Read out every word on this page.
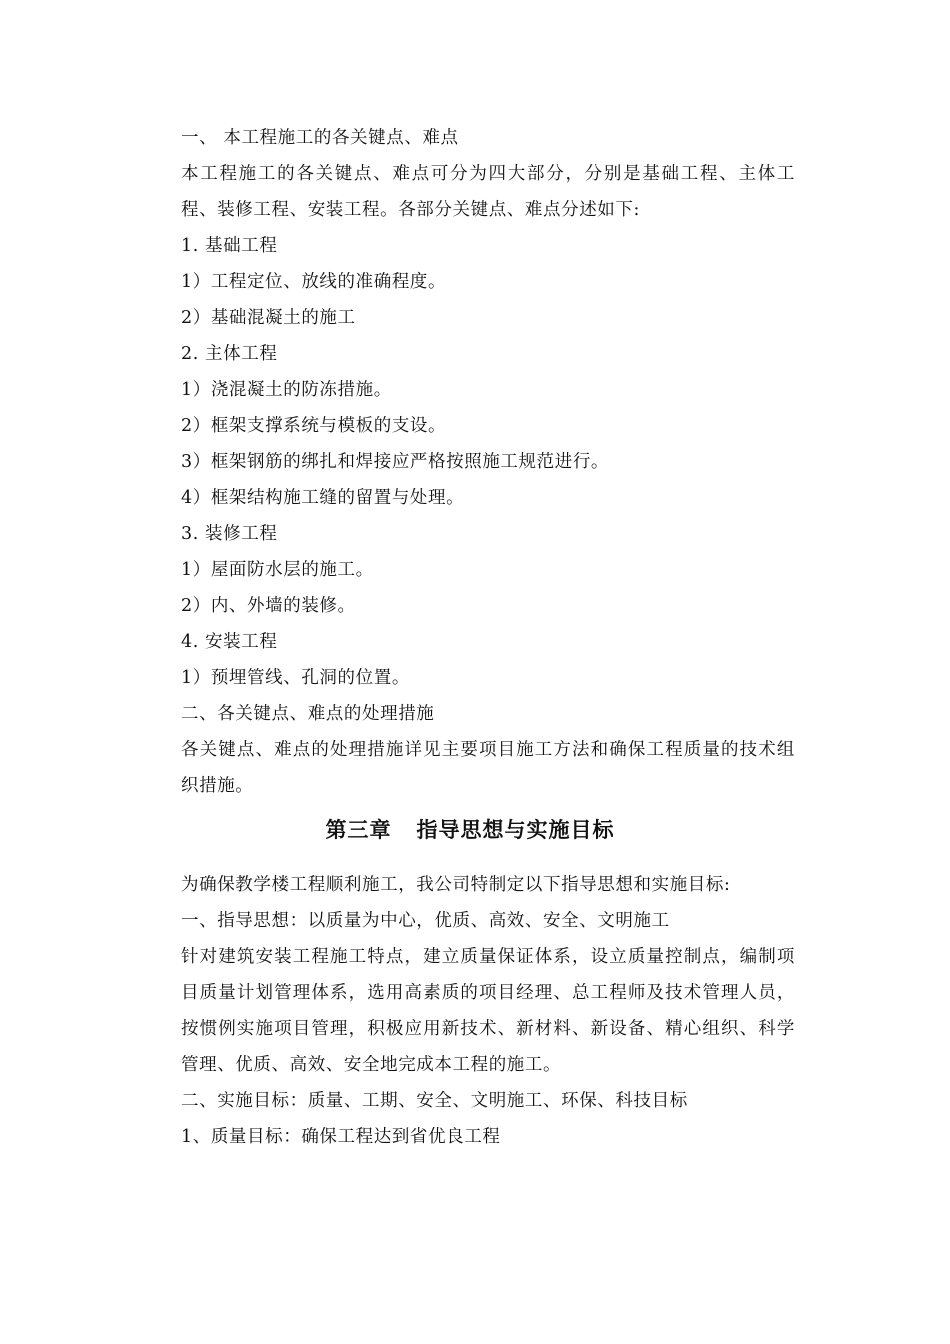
一、 本工程施工的各关键点、难点

本工程施工的各关键点、难点可分为四大部分，分别是基础工程、主体工程、装修工程、安装工程。各部分关键点、难点分述如下:

1. 基础工程

1）工程定位、放线的准确程度。

2）基础混凝土的施工

2. 主体工程

1）浇混凝土的防冻措施。

2）框架支撑系统与模板的支设。

3）框架钢筋的绑扎和焊接应严格按照施工规范进行。

4）框架结构施工缝的留置与处理。

3. 装修工程

1）屋面防水层的施工。

2）内、外墙的装修。

4. 安装工程

1）预埋管线、孔洞的位置。

二、各关键点、难点的处理措施

各关键点、难点的处理措施详见主要项目施工方法和确保工程质量的技术组织措施。

第三章   指导思想与实施目标

为确保教学楼工程顺利施工，我公司特制定以下指导思想和实施目标:

一、指导思想：以质量为中心，优质、高效、安全、文明施工

针对建筑安装工程施工特点，建立质量保证体系，设立质量控制点，编制项目质量计划管理体系，选用高素质的项目经理、总工程师及技术管理人员，按惯例实施项目管理，积极应用新技术、新材料、新设备、精心组织、科学管理、优质、高效、安全地完成本工程的施工。

二、实施目标：质量、工期、安全、文明施工、环保、科技目标

1、质量目标：确保工程达到省优良工程
